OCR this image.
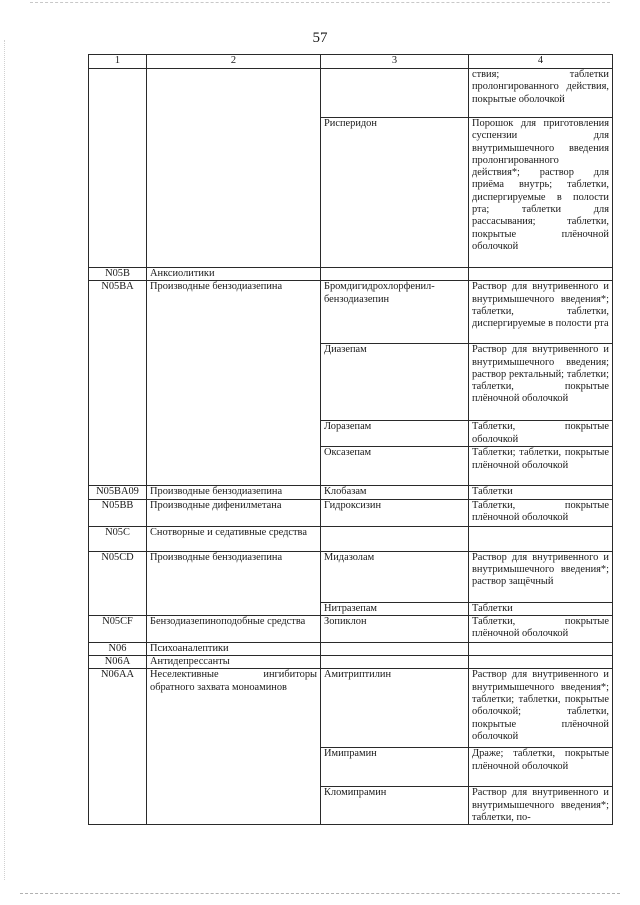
57
1	2	3	4
			ствия; таблетки пролонгированного действия, покрытые оболочкой
		Рисперидон	Порошок для приготовления суспензии для внутримышечного введения пролонгированного действия*; раствор для приёма внутрь; таблетки, диспергируемые в полости рта; таблетки для рассасывания; таблетки, покрытые плёночной оболочкой
N05B	Анксиолитики		
N05BA	Производные бензодиазепина	Бромдигидрохлорфенил-бензодиазепин	Раствор для внутривенного и внутримышечного введения*; таблетки, таблетки, диспергируемые в полости рта
		Диазепам	Раствор для внутривенного и внутримышечного введения; раствор ректальный; таблетки; таблетки, покрытые плёночной оболочкой
		Лоразепам	Таблетки, покрытые оболочкой
		Оксазепам	Таблетки; таблетки, покрытые плёночной оболочкой
N05BA09	Производные бензодиазепина	Клобазам	Таблетки
N05BB	Производные дифенилметана	Гидроксизин	Таблетки, покрытые плёночной оболочкой
N05C	Снотворные и седативные средства		
N05CD	Производные бензодиазепина	Мидазолам	Раствор для внутривенного и внутримышечного введения*; раствор защёчный
		Нитразепам	Таблетки
N05CF	Бензодиазепиноподобные средства	Зопиклон	Таблетки, покрытые плёночной оболочкой
N06	Психоаналептики		
N06A	Антидепрессанты		
N06AA	Неселективные ингибиторы обратного захвата моноаминов	Амитриптилин	Раствор для внутривенного и внутримышечного введения*; таблетки; таблетки, покрытые оболочкой; таблетки, покрытые плёночной оболочкой
		Имипрамин	Драже; таблетки, покрытые плёночной оболочкой
		Кломипрамин	Раствор для внутривенного и внутримышечного введения*; таблетки, по-
